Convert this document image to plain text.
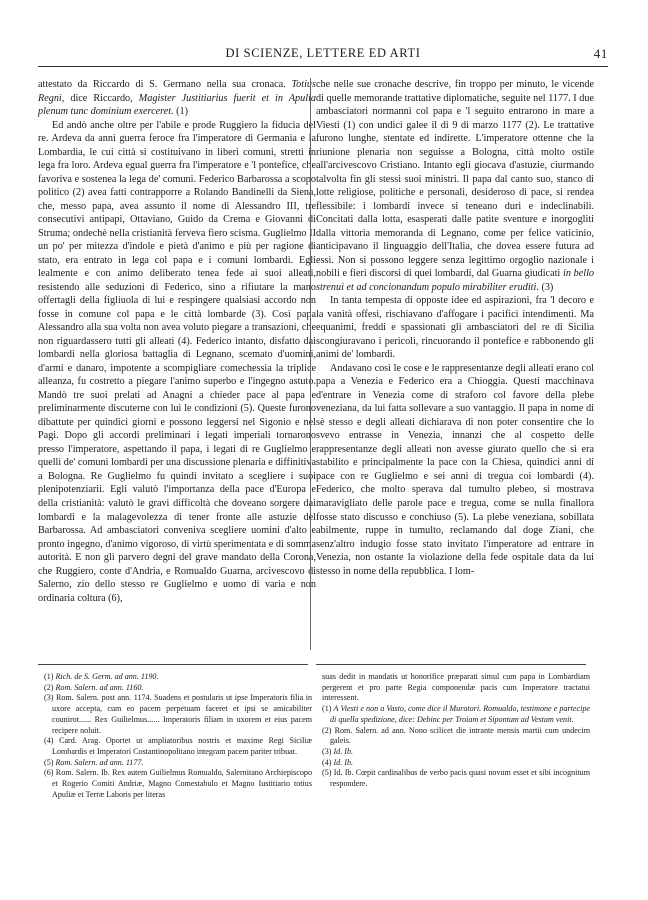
DI SCIENZE, LETTERE ED ARTI	41

attestato da Riccardo di S. Germano nella sua cronaca. Totius Regni, dice Riccardo, Magister Justitiarius fuerit et in Apulia plenum tunc dominium exerceret. (1)

Ed andò anche oltre per l'abile e prode Ruggiero la fiducia del re. Ardeva da anni guerra feroce fra l'imperatore di Germania e la Lombardia, le cui città si costituivano in liberi comuni, stretti in lega fra loro. Ardeva egual guerra fra l'imperatore e 'l pontefice, che favoriva e sostenea la lega de' comuni. Federico Barbarossa a scopo politico (2) avea fatti contrapporre a Rolando Bandinelli da Siena, che, messo papa, avea assunto il nome di Alessandro III, tre consecutivi antipapi, Ottaviano, Guido da Crema e Giovanni di Struma; ondechè nella cristianità ferveva fiero scisma. Guglielmo II un po' per mitezza d'indole e pietà d'animo e più per ragione di stato, era entrato in lega col papa e i comuni lombardi. Egli lealmente e con animo deliberato tenea fede ai suoi alleati, resistendo alle seduzioni di Federico, sino a rifiutare la mano offertagli della figliuola di lui e respingere qualsiasi accordo non fosse in comune col papa e le città lombarde (3). Così papa Alessandro alla sua volta non avea voluto piegare a transazioni, che non riguardassero tutti gli alleati (4). Federico intanto, disfatto dai lombardi nella gloriosa battaglia di Legnano, scemato d'uomini, d'armi e danaro, impotente a scompigliare comechessia la triplice alleanza, fu costretto a piegare l'animo superbo e l'ingegno astuto. Mandò tre suoi prelati ad Anagni a chieder pace al papa e preliminarmente discuterne con lui le condizioni (5). Queste furono dibattute per quindici giorni e possono leggersi nel Sigonio e nel Pagi. Dopo gli accordi preliminari i legati imperiali tornarono presso l'imperatore, aspettando il papa, i legati di re Guglielmo e quelli de' comuni lombardi per una discussione plenaria e diffinitiva a Bologna. Re Guglielmo fu quindi invitato a scegliere i suoi plenipotenziarii. Egli valutò l'importanza della pace d'Europa e della cristianità: valutò le gravi difficoltà che doveano sorgere dai lombardi e la malagevolezza di tener fronte alle astuzie del Barbarossa. Ad ambasciatori conveniva scegliere uomini d'alto e pronto ingegno, d'animo vigoroso, di virtù sperimentata e di somma autorità. E non gli parvero degni del grave mandato della Corona, che Ruggiero, conte d'Andria, e Romualdo Guarna, arcivescovo di Salerno, zio dello stesso re Guglielmo e uomo di varia e non ordinaria coltura (6),

che nelle sue cronache descrive, fin troppo per minuto, le vicende di quelle memorande trattative diplomatiche, seguite nel 1177. I due ambasciatori normanni col papa e 'l seguito entrarono in mare a Viesti (1) con undici galee il di 9 di marzo 1177 (2). Le trattative furono lunghe, stentate ed indirette. L'imperatore ottenne che la riunione plenaria non seguisse a Bologna, città molto ostile all'arcivescovo Cristiano. Intanto egli giocava d'astuzie, ciurmando talvolta fin gli stessi suoi ministri. Il papa dal canto suo, stanco di lotte religiose, politiche e personali, desideroso di pace, si rendea flessibile: i lombardi invece si teneano duri e indeclinabili. Concitati dalla lotta, esasperati dalle patite sventure e inorgogliti dalla vittoria memoranda di Legnano, come per felice vaticinio, anticipavano il linguaggio dell'Italia, che dovea essere futura ad essi. Non si possono leggere senza legittimo orgoglio nazionale i nobili e fieri discorsi di quei lombardi, dal Guarna giudicati in bello strenui et ad concionandum populo mirabiliter eruditi. (3)

In tanta tempesta di opposte idee ed aspirazioni, fra 'l decoro e la vanità offesi, rischiavano d'affogare i pacifici intendimenti. Ma equanimi, freddi e spassionati gli ambasciatori del re di Sicilia scongiuravano i pericoli, rincuorando il pontefice e rabbonendo gli animi de' lombardi.

Andavano così le cose e le rappresentanze degli alleati erano col papa a Venezia e Federico era a Chioggia. Questi macchinava d'entrare in Venezia come di straforo col favore della plebe veneziana, da lui fatta sollevare a suo vantaggio. Il papa in nome di sè stesso e degli alleati dichiarava di non poter consentire che lo svevo entrasse in Venezia, innanzi che al cospetto delle rappresentanze degli alleati non avesse giurato quello che si era stabilito e principalmente la pace con la Chiesa, quindici anni di pace con re Guglielmo e sei anni di tregua coi lombardi (4). Federico, che molto sperava dal tumulto plebeo, si mostrava maravigliato delle parole pace e tregua, come se nulla finallora fosse stato discusso e conchiuso (5). La plebe veneziana, sobillata abilmente, ruppe in tumulto, reclamando dal doge Ziani, che senz'altro indugio fosse stato invitato l'imperatore ad entrare in Venezia, non ostante la violazione della fede ospitale data da lui stesso in nome della repubblica. I lom-

(1) Rich. de S. Germ. ad ann. 1190.

(2) Rom. Salern. ad ann. 1160.

(3) Rom. Salern. post ann. 1174. Suadens et postularis ut ipse Imperatoris filia in uxore accepta, cum eo pacem perpetuam faceret et ipsi se amicabiliter counirot...... Rex Guilielmus...... Imperatoris filiam in uxorem et eius pacem recipere noluit.

(4) Card. Arag. Oportet ut ampliatoribus nostris et maxime Regi Siciliæ Lombardis et Imperatori Costantinopolitano integram pacem pariter tribuat.

(5) Rom. Salern. ad ann. 1177.

(6) Rom. Salern. Ib. Rex autem Guilielmus Romualdo, Salernitano Archiepiscopo et Rogerio Comiti Andriæ, Magno Comestabulo et Magno Iustitiario totius Apuliæ et Terræ Laboris per literas

suas dedit in mandatis ut honorifice præparati simul cum papa in Lombardiam pergerent et pro parte Regia componendæ pacis cum Imperatore tractatui interessent.

(1) A Viesti e non a Vasto, come dice il Muratori. Romualdo, testimone e partecipe di quella spedizione, dice: Debinc per Troiam et Sipontum ad Vestam venit.

(2) Rom. Salern. ad ann. Nono scilicet die intrante mensis martii cum undecim galeis.

(3) Id. Ib.

(4) Id. Ib.

(5) Id. Ib. Cœpit cardinalibus de verbo pacis quasi novum esset et sibi incognitum respondere.
